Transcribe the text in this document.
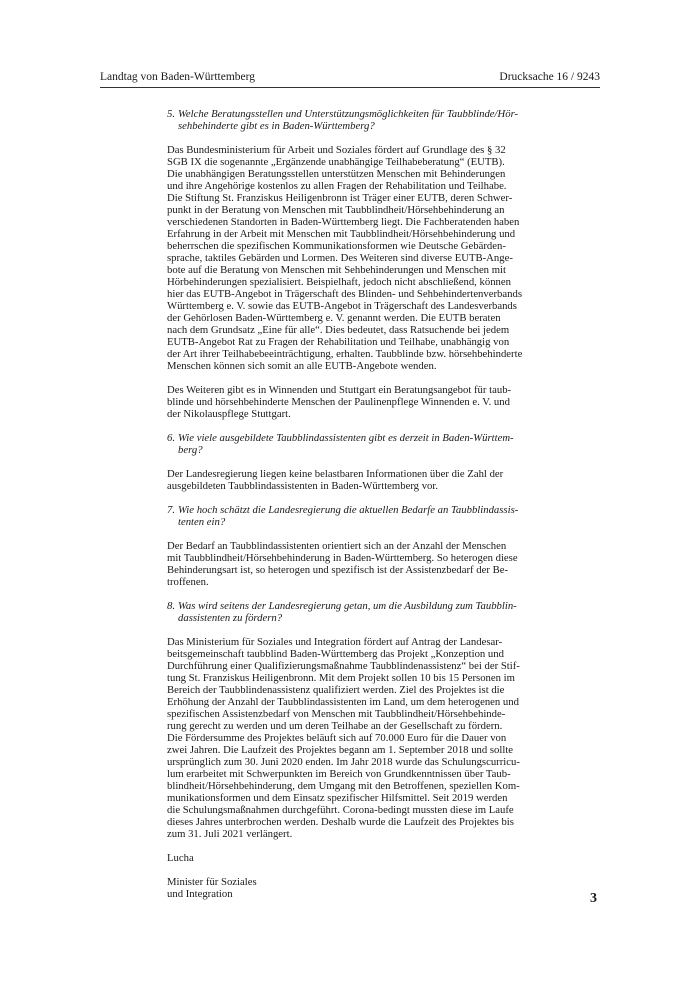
Landtag von Baden-Württemberg	Drucksache 16 / 9243

5. Welche Beratungsstellen und Unterstützungsmöglichkeiten für Taubblinde/Hör-
sehbehinderte gibt es in Baden-Württemberg?

Das Bundesministerium für Arbeit und Soziales fördert auf Grundlage des § 32
SGB IX die sogenannte „Ergänzende unabhängige Teilhabeberatung“ (EUTB).
Die unabhängigen Beratungsstellen unterstützen Menschen mit Behinderungen
und ihre Angehörige kostenlos zu allen Fragen der Rehabilitation und Teilhabe.
Die Stiftung St. Franziskus Heiligenbronn ist Träger einer EUTB, deren Schwer-
punkt in der Beratung von Menschen mit Taubblindheit/Hörsehbehinderung an
verschiedenen Standorten in Baden-Württemberg liegt. Die Fachberatenden haben
Erfahrung in der Arbeit mit Menschen mit Taubblindheit/Hörsehbehinderung und
beherrschen die spezifischen Kommunikationsformen wie Deutsche Gebärden-
sprache, taktiles Gebärden und Lormen. Des Weiteren sind diverse EUTB-Ange-
bote auf die Beratung von Menschen mit Sehbehinderungen und Menschen mit
Hörbehinderungen spezialisiert. Beispielhaft, jedoch nicht abschließend, können
hier das EUTB-Angebot in Trägerschaft des Blinden- und Sehbehindertenverbands
Württemberg e. V. sowie das EUTB-Angebot in Trägerschaft des Landesverbands
der Gehörlosen Baden-Württemberg e. V. genannt werden. Die EUTB beraten
nach dem Grundsatz „Eine für alle“. Dies bedeutet, dass Ratsuchende bei jedem
EUTB-Angebot Rat zu Fragen der Rehabilitation und Teilhabe, unabhängig von
der Art ihrer Teilhabebeeinträchtigung, erhalten. Taubblinde bzw. hörsehbehinderte
Menschen können sich somit an alle EUTB-Angebote wenden.

Des Weiteren gibt es in Winnenden und Stuttgart ein Beratungsangebot für taub-
blinde und hörsehbehinderte Menschen der Paulinenpflege Winnenden e. V. und
der Nikolauspflege Stuttgart.

6. Wie viele ausgebildete Taubblindassistenten gibt es derzeit in Baden-Württem-
berg?

Der Landesregierung liegen keine belastbaren Informationen über die Zahl der
ausgebildeten Taubblindassistenten in Baden-Württemberg vor.

7. Wie hoch schätzt die Landesregierung die aktuellen Bedarfe an Taubblindassis-
tenten ein?

Der Bedarf an Taubblindassistenten orientiert sich an der Anzahl der Menschen
mit Taubblindheit/Hörsehbehinderung in Baden-Württemberg. So heterogen diese
Behinderungsart ist, so heterogen und spezifisch ist der Assistenzbedarf der Be-
troffenen.

8. Was wird seitens der Landesregierung getan, um die Ausbildung zum Taubblin-
dassistenten zu fördern?

Das Ministerium für Soziales und Integration fördert auf Antrag der Landesar-
beitsgemeinschaft taubblind Baden-Württemberg das Projekt „Konzeption und
Durchführung einer Qualifizierungsmaßnahme Taubblindenassistenz“ bei der Stif-
tung St. Franziskus Heiligenbronn. Mit dem Projekt sollen 10 bis 15 Personen im
Bereich der Taubblindenassistenz qualifiziert werden. Ziel des Projektes ist die
Erhöhung der Anzahl der Taubblindassistenten im Land, um dem heterogenen und
spezifischen Assistenzbedarf von Menschen mit Taubblindheit/Hörsehbehinde-
rung gerecht zu werden und um deren Teilhabe an der Gesellschaft zu fördern.
Die Fördersumme des Projektes beläuft sich auf 70.000 Euro für die Dauer von
zwei Jahren. Die Laufzeit des Projektes begann am 1. September 2018 und sollte
ursprünglich zum 30. Juni 2020 enden. Im Jahr 2018 wurde das Schulungscurricu-
lum erarbeitet mit Schwerpunkten im Bereich von Grundkenntnissen über Taub-
blindheit/Hörsehbehinderung, dem Umgang mit den Betroffenen, speziellen Kom-
munikationsformen und dem Einsatz spezifischer Hilfsmittel. Seit 2019 werden
die Schulungsmaßnahmen durchgeführt. Corona-bedingt mussten diese im Laufe
dieses Jahres unterbrochen werden. Deshalb wurde die Laufzeit des Projektes bis
zum 31. Juli 2021 verlängert.

Lucha

Minister für Soziales
und Integration	3
